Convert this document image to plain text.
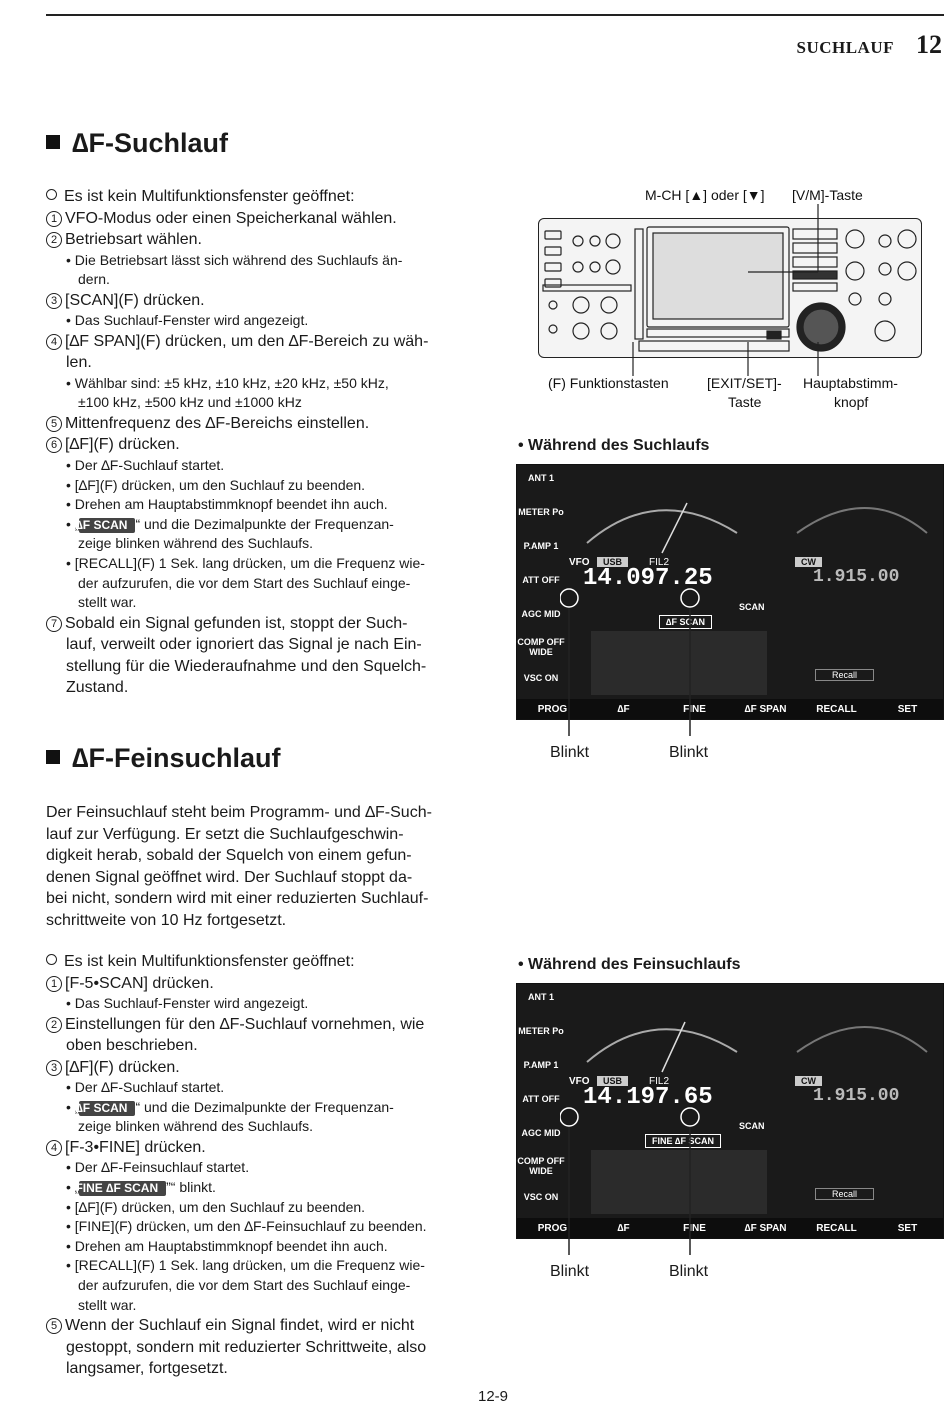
SUCHLAUF 12
∆F-Suchlauf
Es ist kein Multifunktionsfenster geöffnet:
1 VFO-Modus oder einen Speicherkanal wählen.
2 Betriebsart wählen.
• Die Betriebsart lässt sich während des Suchlaufs än-
dern.
3 [SCAN](F) drücken.
• Das Suchlauf-Fenster wird angezeigt.
4 [∆F SPAN](F) drücken, um den ∆F-Bereich zu wäh-
len.
• Wählbar sind: ±5 kHz, ±10 kHz, ±20 kHz, ±50 kHz,
±100 kHz, ±500 kHz und ±1000 kHz
5 Mittenfrequenz des ∆F-Bereichs einstellen.
6 [∆F](F) drücken.
• Der ∆F-Suchlauf startet.
• [∆F](F) drücken, um den Suchlauf zu beenden.
• Drehen am Hauptabstimmknopf beendet ihn auch.
• „∆F SCAN “ und die Dezimalpunkte der Frequenzan-
zeige blinken während des Suchlaufs.
• [RECALL](F) 1 Sek. lang drücken, um die Frequenz wie-
der aufzurufen, die vor dem Start des Suchlauf einge-
stellt war.
7 Sobald ein Signal gefunden ist, stoppt der Such-
lauf, verweilt oder ignoriert das Signal je nach Ein-
stellung für die Wiederaufnahme und den Squelch-
Zustand.
∆F-Feinsuchlauf
Der Feinsuchlauf steht beim Programm- und ∆F-Such-
lauf zur Verfügung. Er setzt die Suchlaufgeschwin-
digkeit herab, sobald der Squelch von einem gefun-
denen Signal geöffnet wird. Der Suchlauf stoppt da-
bei nicht, sondern wird mit einer reduzierten Suchlauf-
schrittweite von 10 Hz fortgesetzt.
Es ist kein Multifunktionsfenster geöffnet:
1 [F-5•SCAN] drücken.
• Das Suchlauf-Fenster wird angezeigt.
2 Einstellungen für den ∆F-Suchlauf vornehmen, wie
oben beschrieben.
3 [∆F](F) drücken.
• Der ∆F-Suchlauf startet.
• „∆F SCAN “ und die Dezimalpunkte der Frequenzan-
zeige blinken während des Suchlaufs.
4 [F-3•FINE] drücken.
• Der ∆F-Feinsuchlauf startet.
• „FINE ∆F SCAN ”“ blinkt.
• [∆F](F) drücken, um den Suchlauf zu beenden.
• [FINE](F) drücken, um den ∆F-Feinsuchlauf zu beenden.
• Drehen am Hauptabstimmknopf beendet ihn auch.
• [RECALL](F) 1 Sek. lang drücken, um die Frequenz wie-
der aufzurufen, die vor dem Start des Suchlauf einge-
stellt war.
5 Wenn der Suchlauf ein Signal findet, wird er nicht
gestoppt, sondern mit reduzierter Schrittweite, also
langsamer, fortgesetzt.
M-CH [▲] oder [▼] [V/M]-Taste
(F) Funktionstasten	[EXIT/SET]-
Taste
Hauptabstimm-
knopf
• Während des Suchlaufs
ANT 1
METER Po
P.AMP 1
ATT OFF
AGC MID
COMP OFF WIDE
VSC ON
VFO	USB	FIL2	CW
14.097.25	1.915.00
SCAN
∆F SCAN
Recall
PROG	∆F	FINE	∆F SPAN	RECALL	SET
Blinkt	Blinkt
• Während des Feinsuchlaufs
ANT 1
METER Po
P.AMP 1
ATT OFF
AGC MID
COMP OFF WIDE
VSC ON
VFO	USB	FIL2	CW
14.197.65	1.915.00
SCAN
FINE ∆F SCAN
Recall
PROG	∆F	FINE	∆F SPAN	RECALL	SET
Blinkt	Blinkt
12-9
